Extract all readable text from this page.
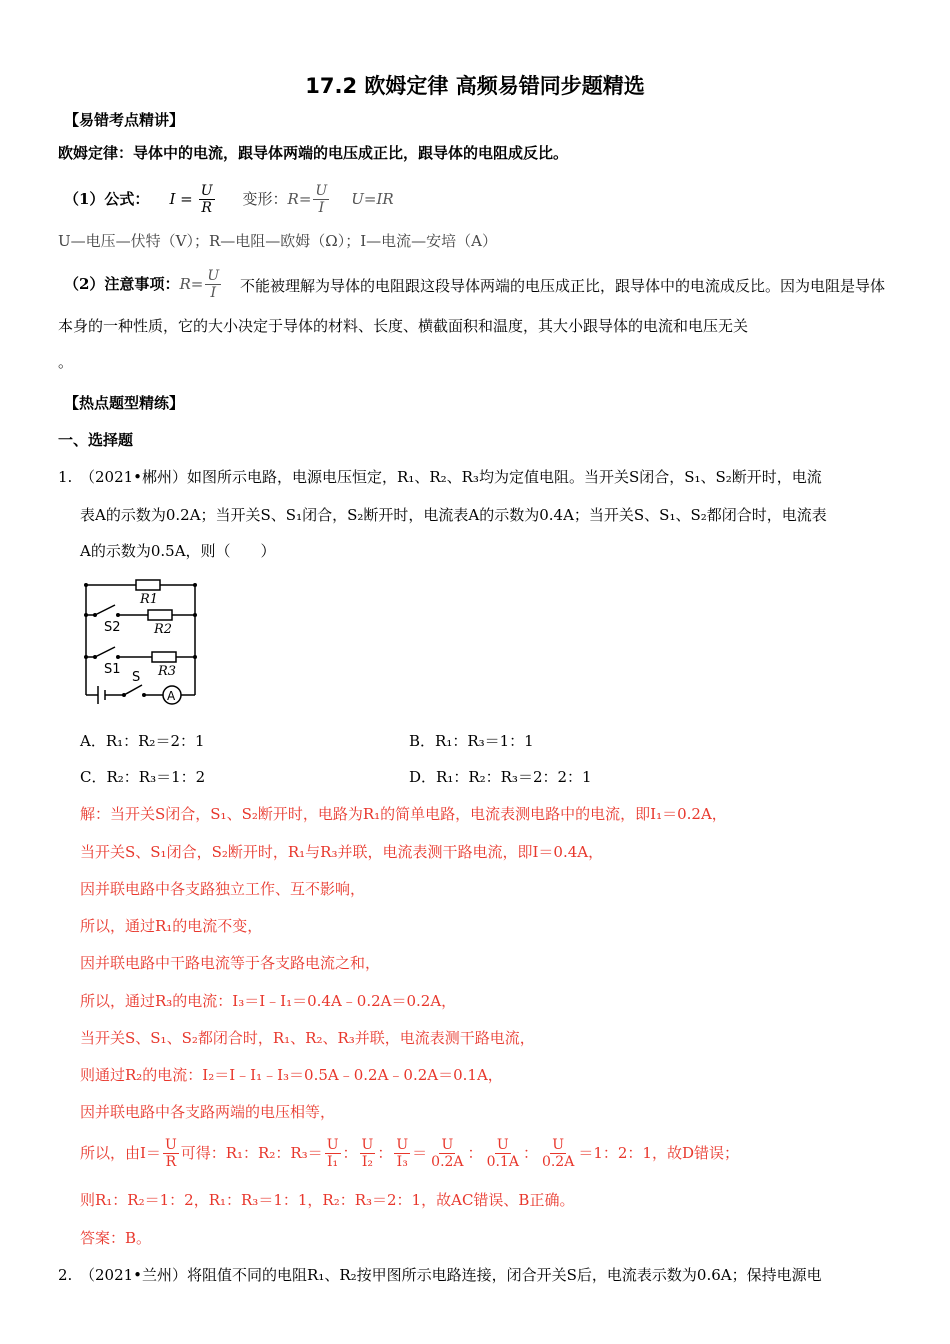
17.2 欧姆定律 高频易错同步题精选
【易错考点精讲】
欧姆定律：导体中的电流，跟导体两端的电压成正比，跟导体的电阻成反比。
（1）公式： $I = \frac{U}{R}$ 变形： $R= \frac{U}{I} U=IR$
U—电压—伏特（V）；R—电阻—欧姆（Ω）；I—电流—安培（A）
（2）注意事项： $R= \frac{U}{I}$	不能被理解为导体的电阻跟这段导体两端的电压成正比，跟导体中的电流成反比。因为电阻是导体本身的一种性质，它的大小决定于导体的材料、长度、横截面积和温度，其大小跟导体的电流和电压无关
。
【热点题型精练】
一、选择题
1. （2021•郴州）如图所示电路，电源电压恒定，R₁、R₂、R₃均为定值电阻。当开关S闭合，S₁、S₂断开时，电流
表A的示数为0.2A；当开关S、S₁闭合，S₂断开时，电流表A的示数为0.4A；当开关S、S₁、S₂都闭合时，电流表
A的示数为0.5A，则（　　）
R1
R2
R3
S2
S1
S
A
A．R₁：R₂＝2：1	B．R₁：R₃＝1：1
C．R₂：R₃＝1：2	D．R₁：R₂：R₃＝2：2：1
解：当开关S闭合，S₁、S₂断开时，电路为R₁的简单电路，电流表测电路中的电流，即I₁＝0.2A，
当开关S、S₁闭合，S₂断开时，R₁与R₃并联，电流表测干路电流，即I＝0.4A，
因并联电路中各支路独立工作、互不影响，
所以，通过R₁的电流不变，
因并联电路中干路电流等于各支路电流之和，
所以，通过R₃的电流：I₃＝I﹣I₁＝0.4A﹣0.2A＝0.2A，
当开关S、S₁、S₂都闭合时，R₁、R₂、R₃并联，电流表测干路电流，
则通过R₂的电流：I₂＝I﹣I₁﹣I₃＝0.5A﹣0.2A﹣0.2A＝0.1A，
因并联电路中各支路两端的电压相等，
所以，由$I= \frac{U}{R}$ 可得：R₁：R₂：$R_3= \frac{U}{\text{I₁}}$ ： $\frac{U}{\text{I₂}}$ ： $\frac{U}{\text{I₃}} = \frac{U}{0.2A}$ ： $\frac{U}{0.1A}$ ： $\frac{U}{0.2A} =1$：2：1，故D错误；
则R₁：R₂＝1：2，R₁：R₃＝1：1，R₂：R₃＝2：1，故AC错误、B正确。
答案：B。
2. （2021•兰州）将阻值不同的电阻R₁、R₂按甲图所示电路连接，闭合开关S后，电流表示数为0.6A；保持电源电
